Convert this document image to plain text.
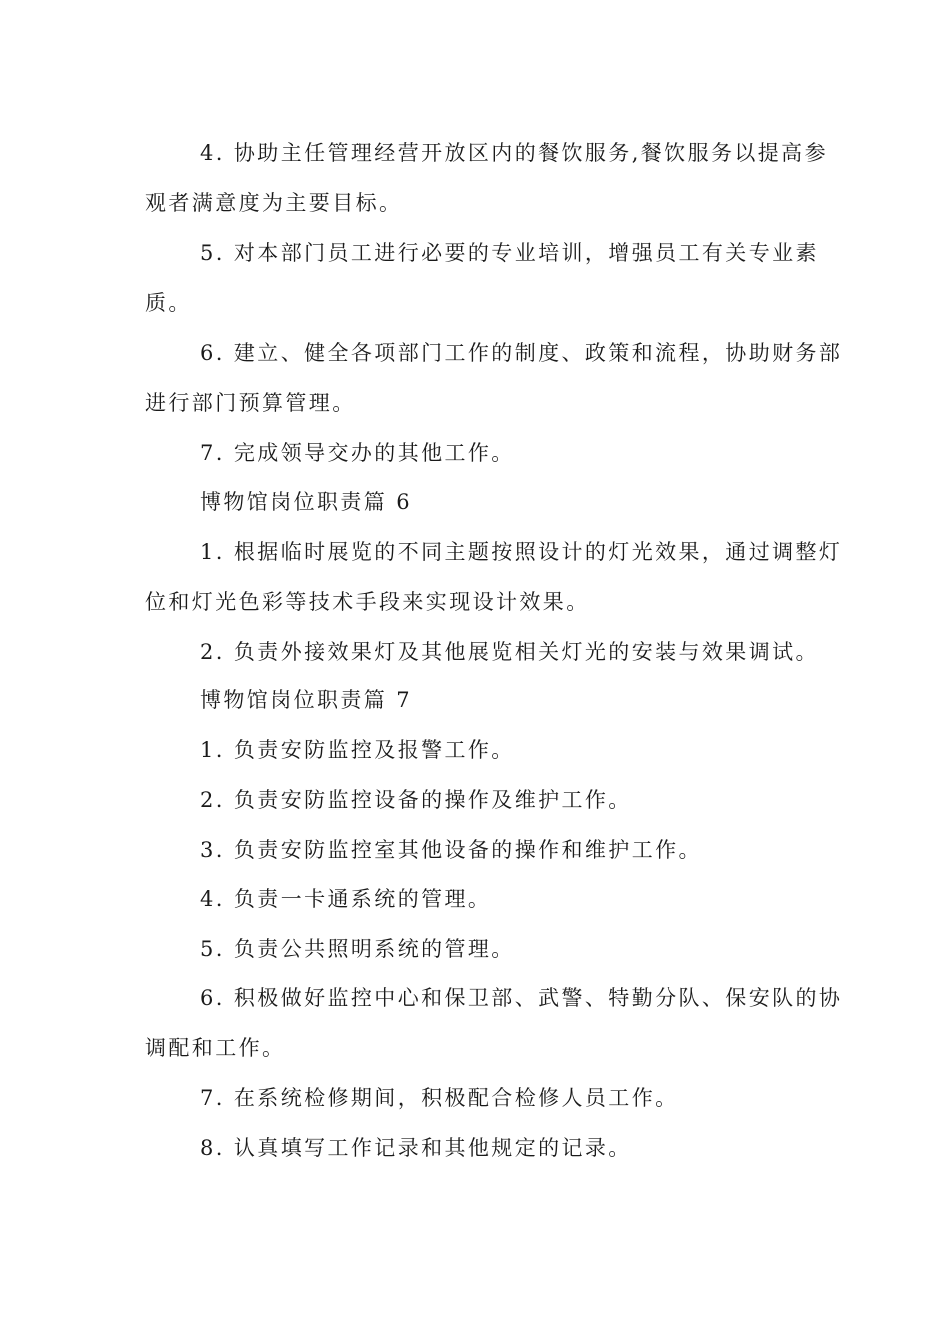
4. 协助主任管理经营开放区内的餐饮服务,餐饮服务以提高参
观者满意度为主要目标。
5. 对本部门员工进行必要的专业培训，增强员工有关专业素
质。
6. 建立、健全各项部门工作的制度、政策和流程，协助财务部
进行部门预算管理。
7. 完成领导交办的其他工作。
博物馆岗位职责篇 6
1. 根据临时展览的不同主题按照设计的灯光效果，通过调整灯
位和灯光色彩等技术手段来实现设计效果。
2. 负责外接效果灯及其他展览相关灯光的安装与效果调试。
博物馆岗位职责篇 7
1. 负责安防监控及报警工作。
2. 负责安防监控设备的操作及维护工作。
3. 负责安防监控室其他设备的操作和维护工作。
4. 负责一卡通系统的管理。
5. 负责公共照明系统的管理。
6. 积极做好监控中心和保卫部、武警、特勤分队、保安队的协
调配和工作。
7. 在系统检修期间，积极配合检修人员工作。
8. 认真填写工作记录和其他规定的记录。
